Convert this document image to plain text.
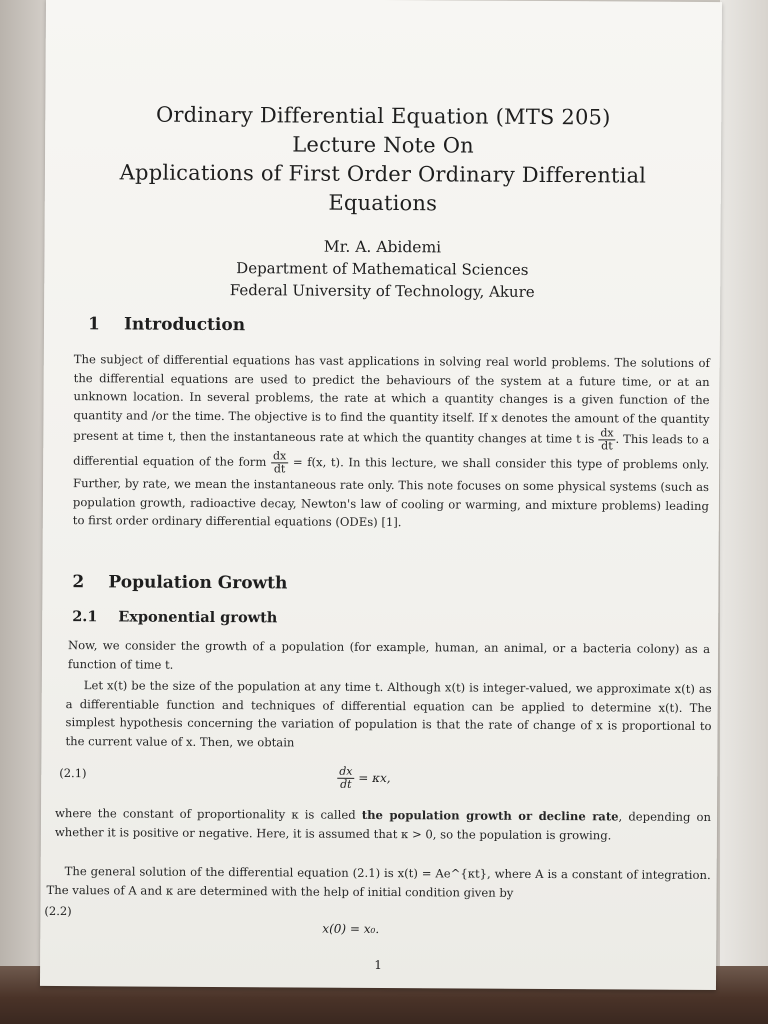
Ordinary Differential Equation (MTS 205)
Lecture Note On
Applications of First Order Ordinary Differential
Equations
Mr. A. Abidemi
Department of Mathematical Sciences
Federal University of Technology, Akure
1 Introduction
The subject of differential equations has vast applications in solving real world problems. The solutions of the differential equations are used to predict the behaviours of the system at a future time, or at an unknown location. In several problems, the rate at which a quantity changes is a given function of the quantity and /or the time. The objective is to find the quantity itself. If x denotes the amount of the quantity present at time t, then the instantaneous rate at which the quantity changes at time t is $\frac{dx}{dt}$ . This leads to a differential equation of the form $\frac{dx}{dt} = f(x$, t). In this lecture, we shall consider this type of problems only. Further, by rate, we mean the instantaneous rate only. This note focuses on some physical systems (such as population growth, radioactive decay, Newton's law of cooling or warming, and mixture problems) leading to first order ordinary differential equations (ODEs) [1].
2 Population Growth
2.1 Exponential growth
Now, we consider the growth of a population (for example, human, an animal, or a bacteria colony) as a function of time t.
Let x(t) be the size of the population at any time t. Although x(t) is integer-valued, we approximate x(t) as a differentiable function and techniques of differential equation can be applied to determine x(t). The simplest hypothesis concerning the variation of population is that the rate of change of x is proportional to the current value of x. Then, we obtain
(2.1)	$\frac{dx}{dt} = \kappa x$,
where the constant of proportionality κ is called the population growth or decline rate, depending on whether it is positive or negative. Here, it is assumed that κ > 0, so the population is growing.
The general solution of the differential equation (2.1) is x(t) = Ae^{κt}, where A is a constant of integration. The values of A and κ are determined with the help of initial condition given by
(2.2)
x(0) = x₀.
1
